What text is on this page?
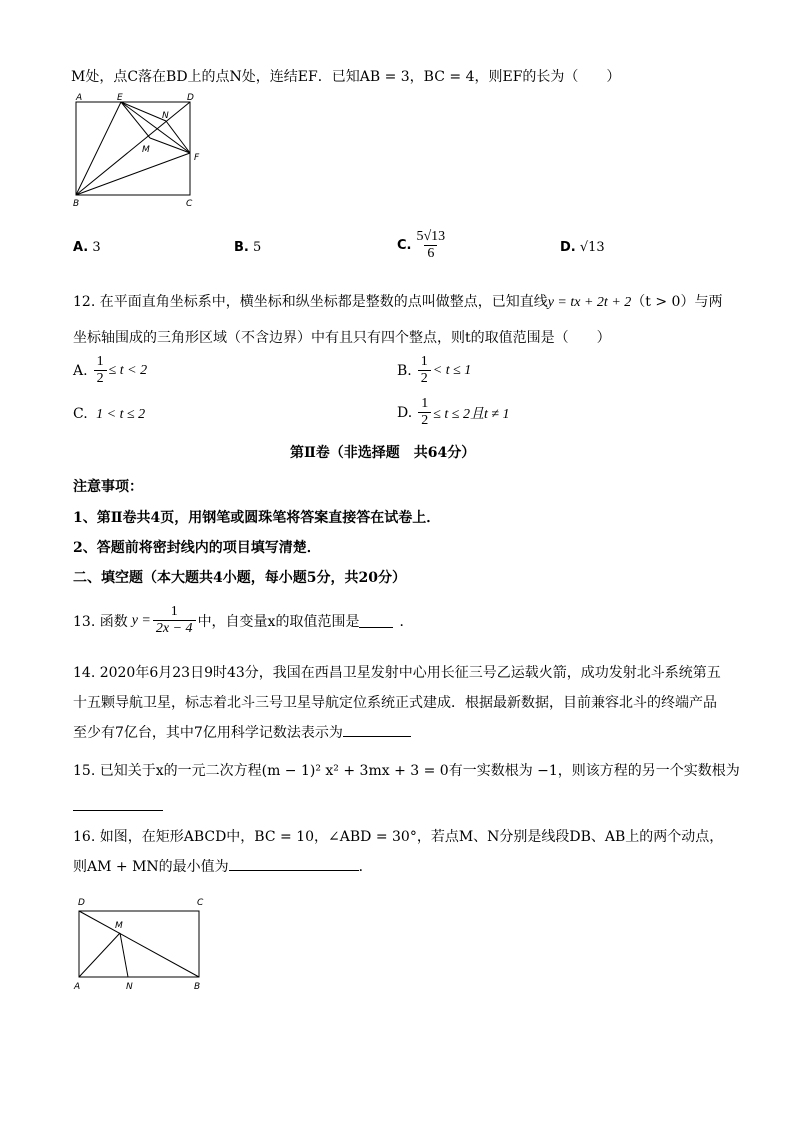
M处，点C落在BD上的点N处，连结EF．已知AB = 3，BC = 4，则EF的长为（　　）
A	E	D
N
M
F
B	C
A. 3	B. 5	C. $\frac{5√13}{6}$	D. √13
12. 在平面直角坐标系中，横坐标和纵坐标都是整数的点叫做整点，已知直线y = tx + 2t + 2（t > 0）与两
坐标轴围成的三角形区域（不含边界）中有且只有四个整点，则t的取值范围是（　　）
A. $\frac{1}{2} \le t < 2$	B. $\frac{1}{2} < t \le 1$
C. 1 < t ≤ 2	D. $\frac{1}{2} \le t \le 2$且t ≠ 1
第Ⅱ卷（非选择题　共64分）
注意事项：
1、第Ⅱ卷共4页，用钢笔或圆珠笔将答案直接答在试卷上．
2、答题前将密封线内的项目填写清楚．
二、填空题（本大题共4小题，每小题5分，共20分）
13. 函数 $y = \frac{1}{2x - 4}$ 中，自变量x的取值范围是	．
14. 2020年6月23日9时43分，我国在西昌卫星发射中心用长征三号乙运载火箭，成功发射北斗系统第五
十五颗导航卫星，标志着北斗三号卫星导航定位系统正式建成．根据最新数据，目前兼容北斗的终端产品
至少有7亿台，其中7亿用科学记数法表示为
15. 已知关于x的一元二次方程(m − 1)² x² + 3mx + 3 = 0有一实数根为 −1，则该方程的另一个实数根为
16. 如图，在矩形ABCD中，BC = 10，∠ABD = 30°，若点M、N分别是线段DB、AB上的两个动点，
则AM + MN的最小值为	．
D	C
M
A	N	B
